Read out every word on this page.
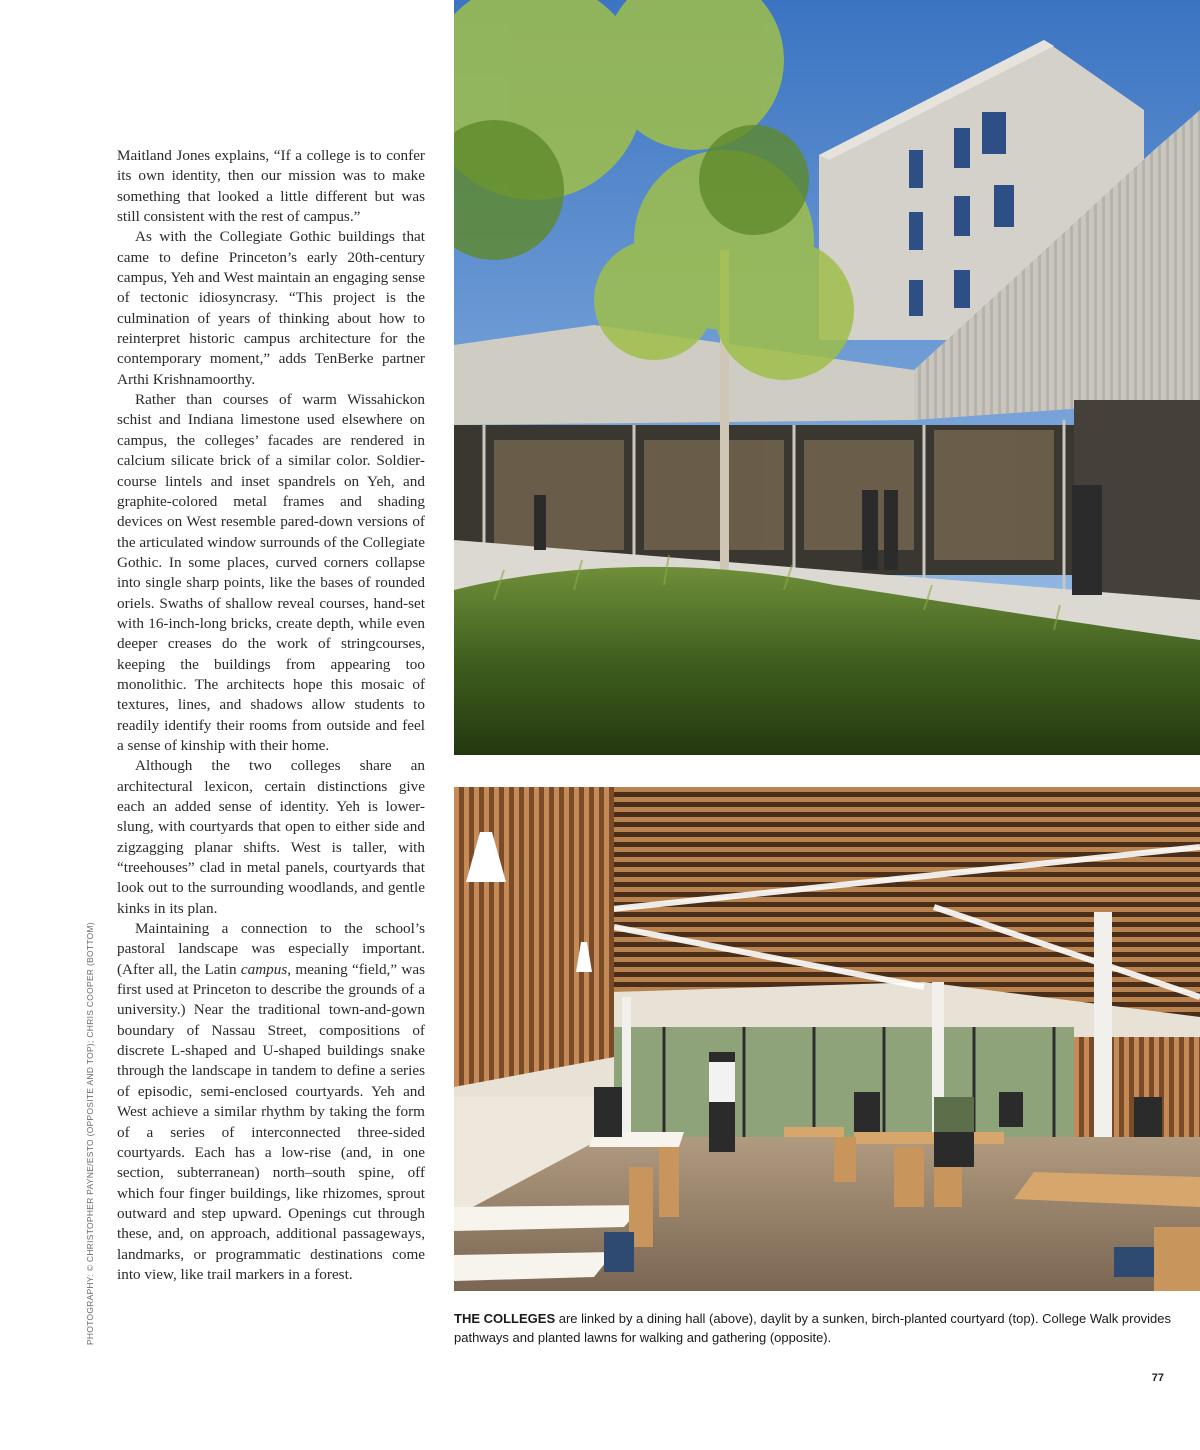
Maitland Jones explains, “If a college is to confer its own identity, then our mission was to make something that looked a little different but was still consistent with the rest of campus.”

As with the Collegiate Gothic buildings that came to define Princeton’s early 20th-century campus, Yeh and West maintain an engaging sense of tectonic idiosyncrasy. “This project is the culmination of years of thinking about how to reinterpret historic campus architecture for the contemporary moment,” adds TenBerke partner Arthi Krishnamoorthy.

Rather than courses of warm Wissahickon schist and Indiana limestone used elsewhere on campus, the colleges’ facades are rendered in calcium silicate brick of a similar color. Soldier-course lintels and inset spandrels on Yeh, and graphite-colored metal frames and shading devices on West resemble pared-down versions of the articulated window surrounds of the Collegiate Gothic. In some places, curved corners collapse into single sharp points, like the bases of rounded oriels. Swaths of shallow reveal courses, hand-set with 16-inch-long bricks, create depth, while even deeper creases do the work of stringcourses, keeping the buildings from appearing too monolithic. The architects hope this mosaic of textures, lines, and shadows allow students to readily identify their rooms from outside and feel a sense of kinship with their home.

Although the two colleges share an architectural lexicon, certain distinctions give each an added sense of identity. Yeh is lower-slung, with courtyards that open to either side and zigzagging planar shifts. West is taller, with “treehouses” clad in metal panels, courtyards that look out to the surrounding woodlands, and gentle kinks in its plan.

Maintaining a connection to the school’s pastoral landscape was especially important. (After all, the Latin campus, meaning “field,” was first used at Princeton to describe the grounds of a university.) Near the traditional town-and-gown boundary of Nassau Street, compositions of discrete L-shaped and U-shaped buildings snake through the landscape in tandem to define a series of episodic, semi-enclosed courtyards. Yeh and West achieve a similar rhythm by taking the form of a series of interconnected three-sided courtyards. Each has a low-rise (and, in one section, subterranean) north–south spine, off which four finger buildings, like rhizomes, sprout outward and step upward. Openings cut through these, and, on approach, additional passageways, landmarks, or programmatic destinations come into view, like trail markers in a forest.

PHOTOGRAPHY: © CHRISTOPHER PAYNE/ESTO (OPPOSITE AND TOP); CHRIS COOPER (BOTTOM)	THE COLLEGES are linked by a dining hall (above), daylit by a sunken, birch-planted courtyard (top). College Walk provides pathways and planted lawns for walking and gathering (opposite).
77
